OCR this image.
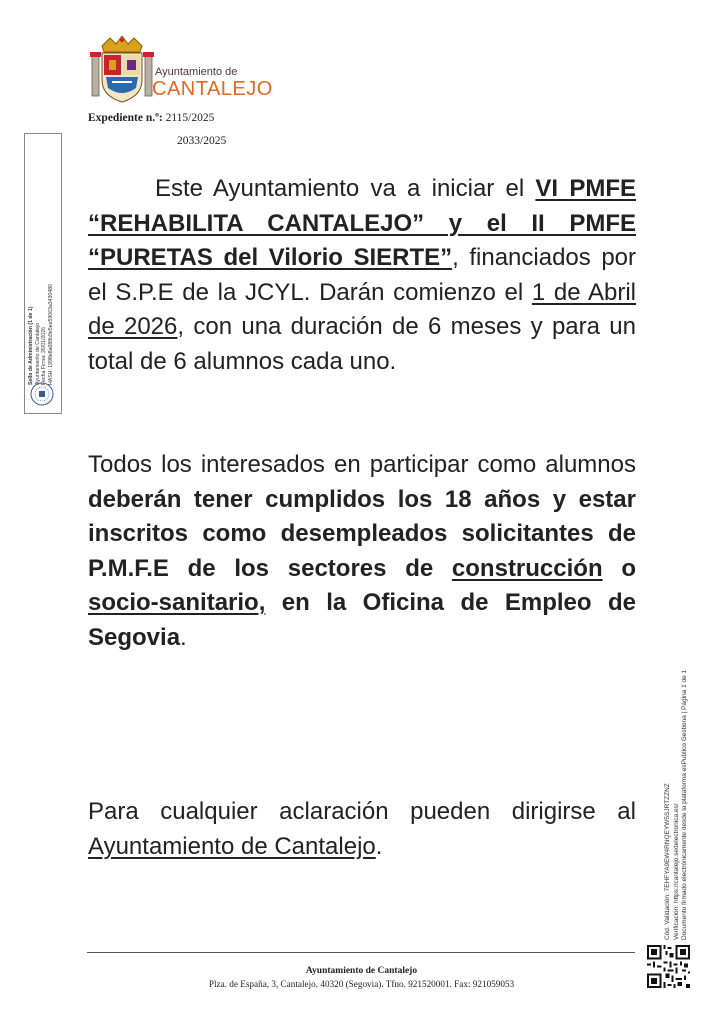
Ayuntamiento de
CANTALEJO
Expediente n.º: 2115/2025
2033/2025
Este Ayuntamiento va a iniciar el VI PMFE “REHABILITA CANTALEJO” y el II PMFE “PURETAS del Vilorio SIERTE”, financiados por el S.P.E de la JCYL. Darán comienzo el 1 de Abril de 2026, con una duración de 6 meses y para un total de 6 alumnos cada uno.
Todos los interesados en participar como alumnos deberán tener cumplidos los 18 años y estar inscritos como desempleados solicitantes de P.M.F.E de los sectores de construcción o socio-sanitario, en la Oficina de Empleo de Segovia.
Para cualquier aclaración pueden dirigirse al Ayuntamiento de Cantalejo.
Sello de Administración (1 de 1) Ayuntamiento de Cantalejo Fecha Firma: 26/01/2026 HASH: 1998e8a088b9e5ee59063a3430480
Cód. Validación: 7EHFYA9EW4RNQEYW5SJRTZZNZ Verificación: https://cantalejo.sedelectronica.es/ Documento firmado electrónicamente desde la plataforma esPublico Gestiona | Página 1 de 1
Ayuntamiento de Cantalejo
Plza. de España, 3, Cantalejo. 40320 (Segovia). Tfno. 921520001. Fax: 921059053
